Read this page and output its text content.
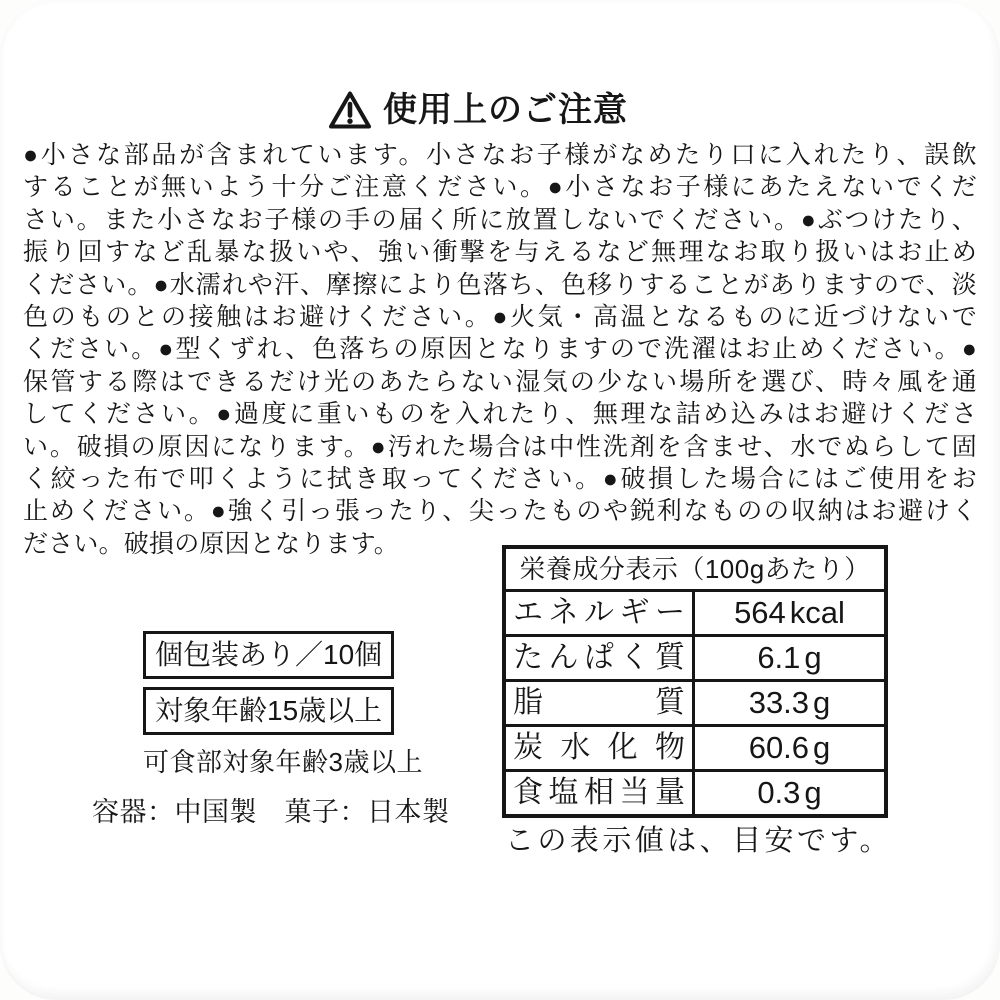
使用上のご注意
●小さな部品が含まれています。小さなお子様がなめたり口に入れたり、誤飲
することが無いよう十分ご注意ください。●小さなお子様にあたえないでくだ
さい。また小さなお子様の手の届く所に放置しないでください。●ぶつけたり、
振り回すなど乱暴な扱いや、強い衝撃を与えるなど無理なお取り扱いはお止め
ください。●水濡れや汗、摩擦により色落ち、色移りすることがありますので、淡
色のものとの接触はお避けください。●火気・高温となるものに近づけないで
ください。●型くずれ、色落ちの原因となりますので洗濯はお止めください。●
保管する際はできるだけ光のあたらない湿気の少ない場所を選び、時々風を通
してください。●過度に重いものを入れたり、無理な詰め込みはお避けくださ
い。破損の原因になります。●汚れた場合は中性洗剤を含ませ、水でぬらして固
く絞った布で叩くように拭き取ってください。●破損した場合にはご使用をお
止めください。●強く引っ張ったり、尖ったものや鋭利なものの収納はお避けく
ださい。破損の原因となります。
個包装あり／10個
対象年齢15歳以上
可食部対象年齢3歳以上
容器：中国製　菓子：日本製
栄養成分表示（100gあたり）
エネルギー	564 kcal
たんぱく質	6.1 g
脂質	33.3 g
炭水化物	60.6 g
食塩相当量	0.3 g
この表示値は、目安です。
